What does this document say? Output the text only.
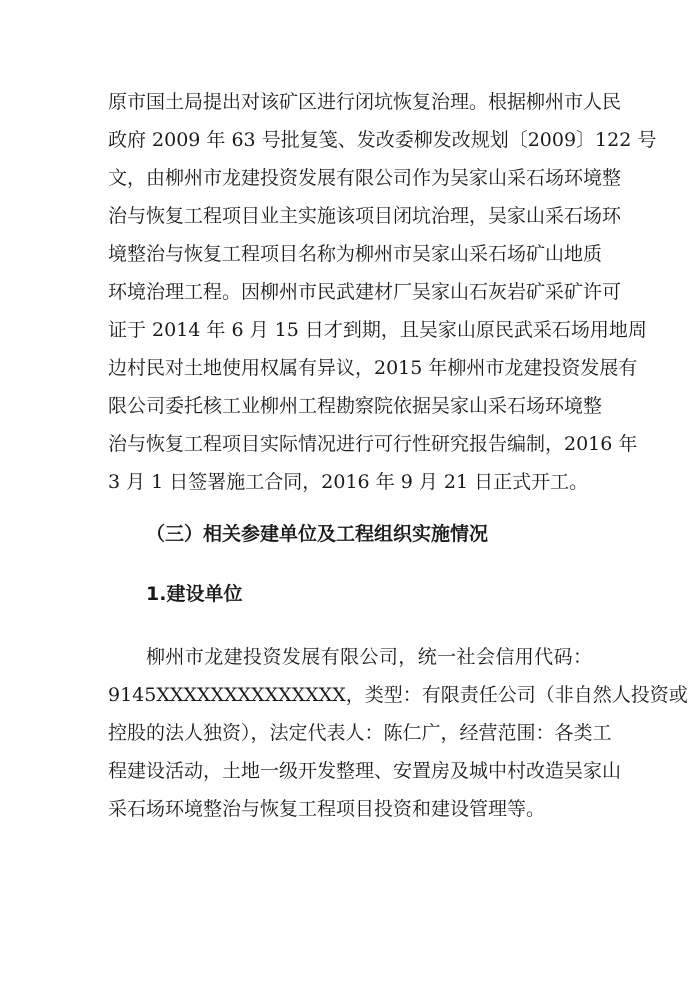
原市国土局提出对该矿区进行闭坑恢复治理。根据柳州市人民
政府 2009 年 63 号批复笺、发改委柳发改规划〔2009〕122 号
文，由柳州市龙建投资发展有限公司作为吴家山采石场环境整
治与恢复工程项目业主实施该项目闭坑治理，吴家山采石场环
境整治与恢复工程项目名称为柳州市吴家山采石场矿山地质
环境治理工程。因柳州市民武建材厂吴家山石灰岩矿采矿许可
证于 2014 年 6 月 15 日才到期，且吴家山原民武采石场用地周
边村民对土地使用权属有异议，2015 年柳州市龙建投资发展有
限公司委托核工业柳州工程勘察院依据吴家山采石场环境整
治与恢复工程项目实际情况进行可行性研究报告编制，2016 年
3 月 1 日签署施工合同，2016 年 9 月 21 日正式开工。
（三）相关参建单位及工程组织实施情况
1.建设单位
柳州市龙建投资发展有限公司，统一社会信用代码：
9145XXXXXXXXXXXXXX，类型：有限责任公司（非自然人投资或
控股的法人独资），法定代表人：陈仁广，经营范围：各类工
程建设活动，土地一级开发整理、安置房及城中村改造吴家山
采石场环境整治与恢复工程项目投资和建设管理等。
